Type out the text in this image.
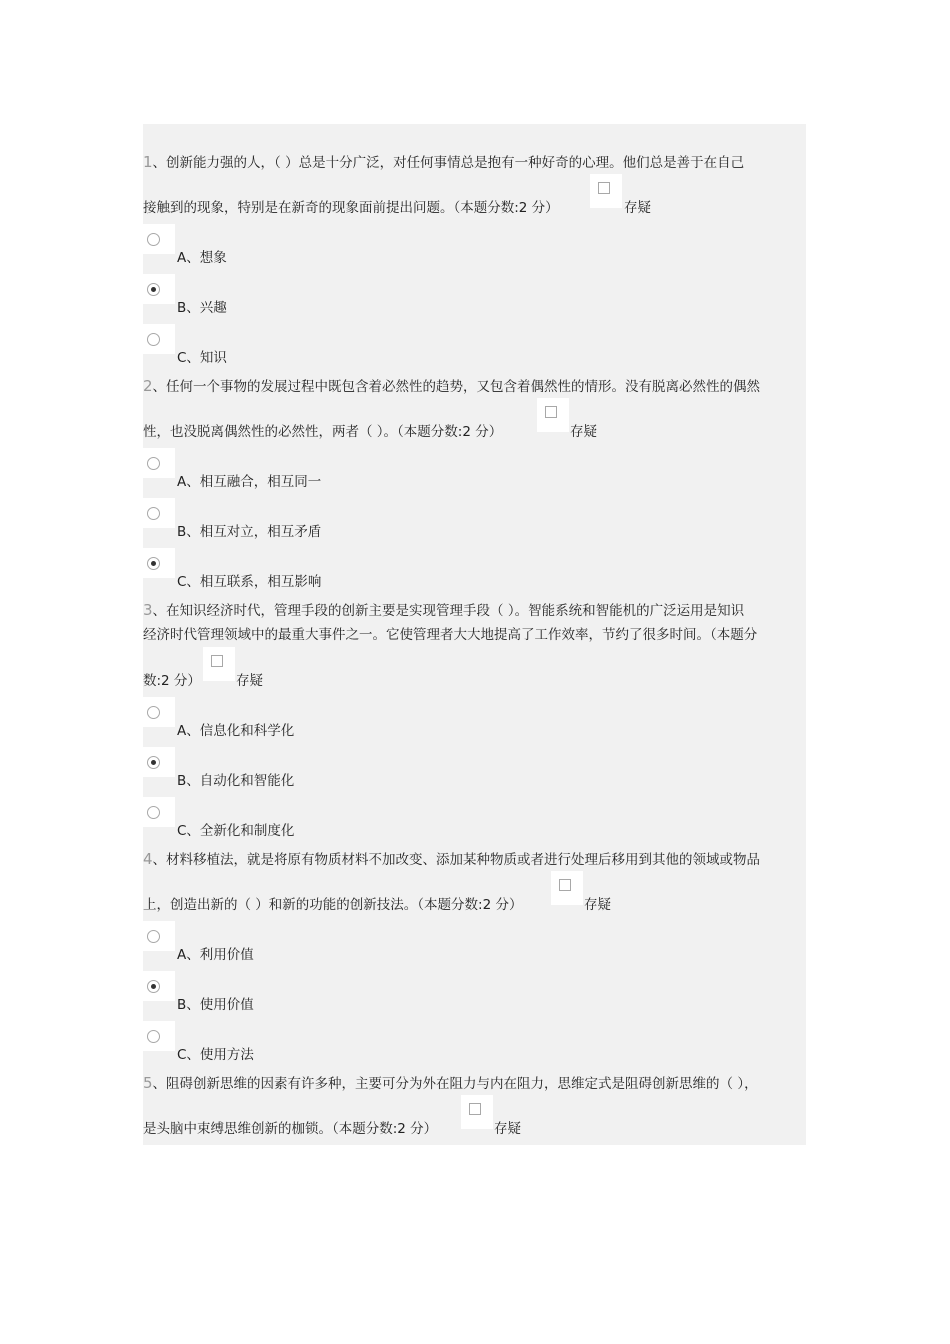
1、创新能力强的人，（ ）总是十分广泛，对任何事情总是抱有一种好奇的心理。他们总是善于在自己
接触到的现象，特别是在新奇的现象面前提出问题。（本题分数:2 分）	存疑
A、想象
B、兴趣
C、知识
2、任何一个事物的发展过程中既包含着必然性的趋势，又包含着偶然性的情形。没有脱离必然性的偶然
性，也没脱离偶然性的必然性，两者（ ）。（本题分数:2 分）	存疑
A、相互融合，相互同一
B、相互对立，相互矛盾
C、相互联系，相互影响
3、在知识经济时代，管理手段的创新主要是实现管理手段（ ）。智能系统和智能机的广泛运用是知识
经济时代管理领域中的最重大事件之一。它使管理者大大地提高了工作效率，节约了很多时间。（本题分
数:2 分）	存疑
A、信息化和科学化
B、自动化和智能化
C、全新化和制度化
4、材料移植法，就是将原有物质材料不加改变、添加某种物质或者进行处理后移用到其他的领域或物品
上，创造出新的（ ）和新的功能的创新技法。（本题分数:2 分）	存疑
A、利用价值
B、使用价值
C、使用方法
5、阻碍创新思维的因素有许多种，主要可分为外在阻力与内在阻力，思维定式是阻碍创新思维的（ ），
是头脑中束缚思维创新的枷锁。（本题分数:2 分）	存疑
